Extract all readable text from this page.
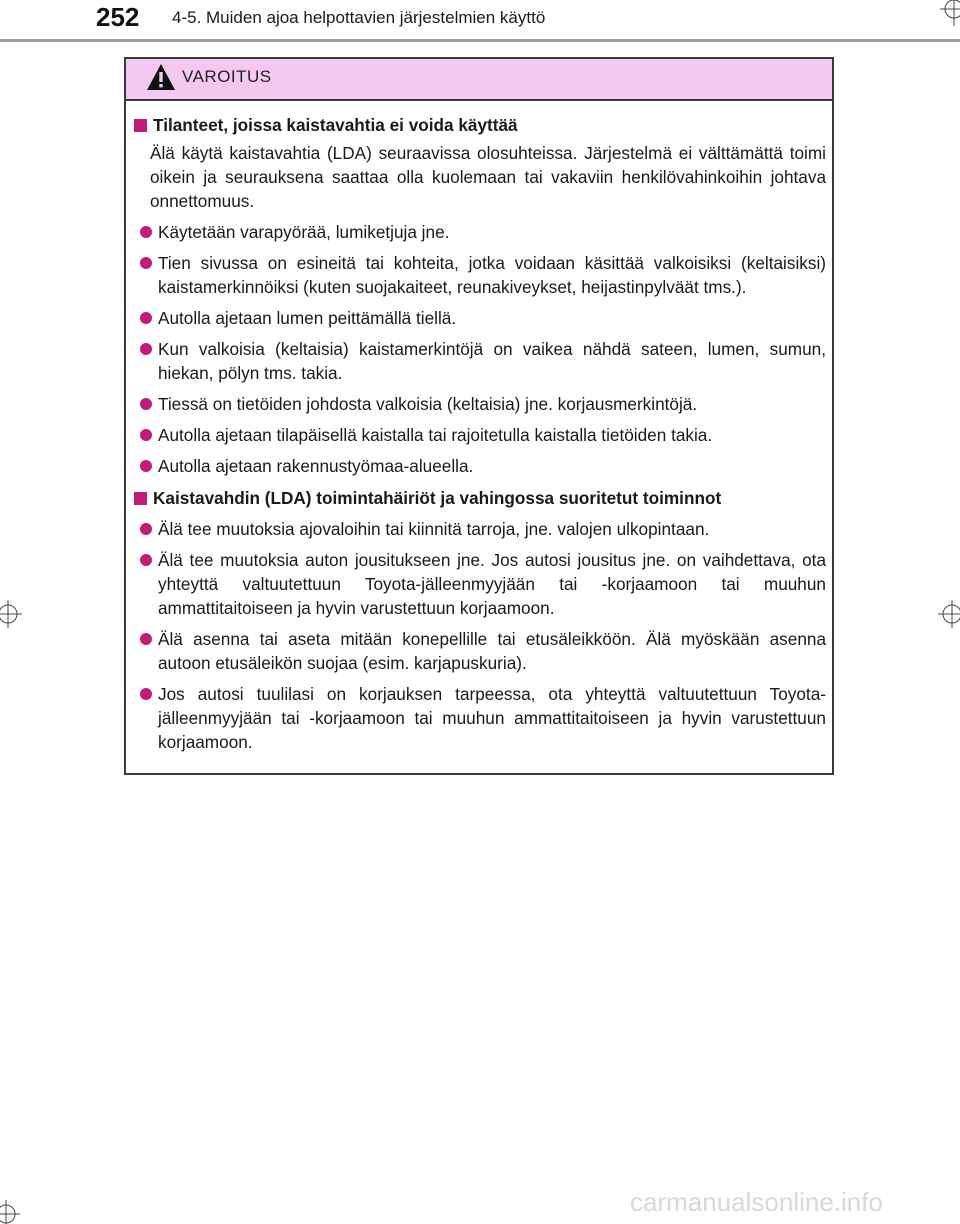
252 4-5. Muiden ajoa helpottavien järjestelmien käyttö
VAROITUS
Tilanteet, joissa kaistavahtia ei voida käyttää
Älä käytä kaistavahtia (LDA) seuraavissa olosuhteissa. Järjestelmä ei välttämättä toimi oikein ja seurauksena saattaa olla kuolemaan tai vakaviin henkilövahinkoihin johtava onnettomuus.
Käytetään varapyörää, lumiketjuja jne.
Tien sivussa on esineitä tai kohteita, jotka voidaan käsittää valkoisiksi (keltaisiksi) kaistamerkinnöiksi (kuten suojakaiteet, reunakiveykset, heijastinpylväät tms.).
Autolla ajetaan lumen peittämällä tiellä.
Kun valkoisia (keltaisia) kaistamerkintöjä on vaikea nähdä sateen, lumen, sumun, hiekan, pölyn tms. takia.
Tiessä on tietöiden johdosta valkoisia (keltaisia) jne. korjausmerkintöjä.
Autolla ajetaan tilapäisellä kaistalla tai rajoitetulla kaistalla tietöiden takia.
Autolla ajetaan rakennustyömaa-alueella.
Kaistavahdin (LDA) toimintahäiriöt ja vahingossa suoritetut toiminnot
Älä tee muutoksia ajovaloihin tai kiinnitä tarroja, jne. valojen ulkopintaan.
Älä tee muutoksia auton jousitukseen jne. Jos autosi jousitus jne. on vaihdettava, ota yhteyttä valtuutettuun Toyota-jälleenmyyjään tai -korjaamoon tai muuhun ammattitaitoiseen ja hyvin varustettuun korjaamoon.
Älä asenna tai aseta mitään konepellille tai etusäleikköön. Älä myöskään asenna autoon etusäleikön suojaa (esim. karjapuskuria).
Jos autosi tuulilasi on korjauksen tarpeessa, ota yhteyttä valtuutettuun Toyota-jälleenmyyjään tai -korjaamoon tai muuhun ammattitaitoiseen ja hyvin varustettuun korjaamoon.
carmanualsonline.info
